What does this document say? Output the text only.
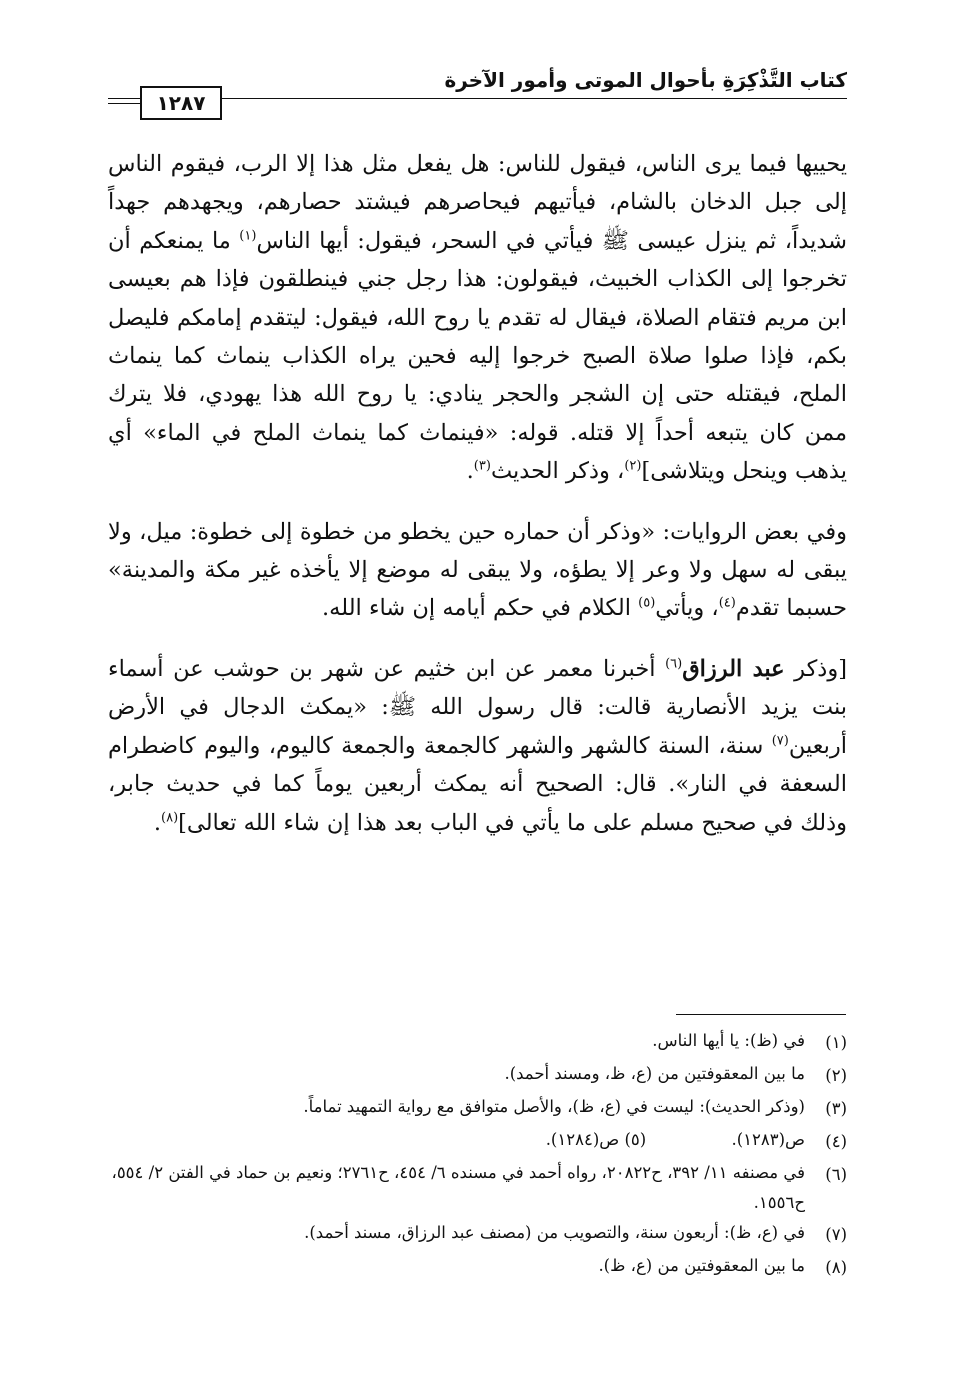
كتاب التَّذْكِرَةِ بأحوال الموتى وأمور الآخرة
١٢٨٧

يحييها فيما يرى الناس، فيقول للناس: هل يفعل مثل هذا إلا الرب، فيقوم الناس إلى جبل الدخان بالشام، فيأتيهم فيحاصرهم فيشتد حصارهم، ويجهدهم جهداً شديداً، ثم ينزل عيسى ﷺ فيأتي في السحر، فيقول: أيها الناس$^{(١)}$ ما يمنعكم أن تخرجوا إلى الكذاب الخبيث، فيقولون: هذا رجل جني فينطلقون فإذا هم بعيسى ابن مريم فتقام الصلاة، فيقال له تقدم يا روح الله، فيقول: ليتقدم إمامكم فليصل بكم، فإذا صلوا صلاة الصبح خرجوا إليه فحين يراه الكذاب ينماث كما ينماث الملح، فيقتله حتى إن الشجر والحجر ينادي: يا روح الله هذا يهودي، فلا يترك ممن كان يتبعه أحداً إلا قتله. قوله: «فينماث كما ينماث الملح في الماء» أي يذهب وينحل ويتلاشى]$^{(٢)}$، وذكر الحديث$^{(٣)}$.

وفي بعض الروايات: «وذكر أن حماره حين يخطو من خطوة إلى خطوة: ميل، ولا يبقى له سهل ولا وعر إلا يطؤه، ولا يبقى له موضع إلا يأخذه غير مكة والمدينة» حسبما تقدم$^{(٤)}$، ويأتي$^{(٥)}$ الكلام في حكم أيامه إن شاء الله.

[وذكر عبد الرزاق$^{(٦)}$ أخبرنا معمر عن ابن خثيم عن شهر بن حوشب عن أسماء بنت يزيد الأنصارية قالت: قال رسول الله ﷺ: «يمكث الدجال في الأرض أربعين$^{(٧)}$ سنة، السنة كالشهر والشهر كالجمعة والجمعة كاليوم، واليوم كاضطرام السعفة في النار». قال: الصحيح أنه يمكث أربعين يوماً كما في حديث جابر، وذلك في صحيح مسلم على ما يأتي في الباب بعد هذا إن شاء الله تعالى]$^{(٨)}$.

(١)
في (ظ): يا أيها الناس.
(٢)
ما بين المعقوفتين من (ع، ظ، ومسند أحمد).
(٣)
(وذكر الحديث): ليست في (ع، ظ)، والأصل متوافق مع رواية التمهيد تماماً.
(٤)
ص(١٢٨٣). (٥) ص(١٢٨٤).
(٦)
في مصنفه ١١/ ٣٩٢، ح٢٠٨٢٢، رواه أحمد في مسنده ٦/ ٤٥٤، ح٢٧٦١؛ ونعيم بن حماد في الفتن ٢/ ٥٥٤، ح١٥٥٦.
(٧)
في (ع، ظ): أربعون سنة، والتصويب من (مصنف عبد الرزاق، مسند أحمد).
(٨)
ما بين المعقوفتين من (ع، ظ).
